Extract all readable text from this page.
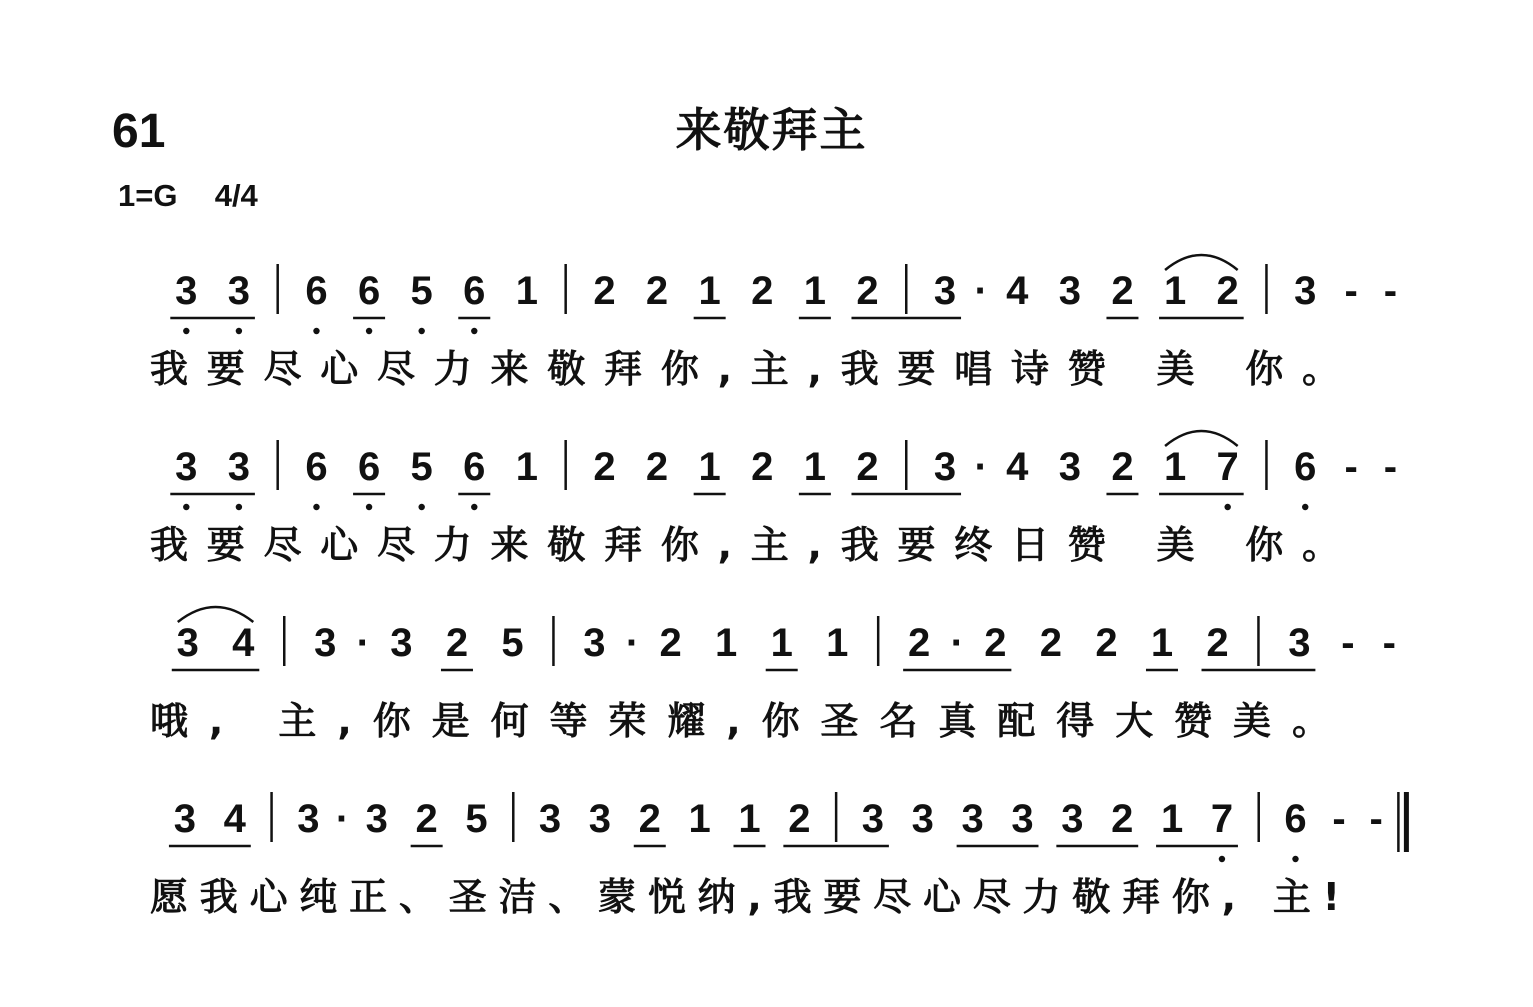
61	来敬拜主
1=G 4/4
3 3 6 6 5 6 1 2 2 1 2 1 2 3 · 4 3 2 1 2 3 - -
我要尽心尽力来敬拜你,主,我要唱诗赞 美 你。
3 3 6 6 5 6 1 2 2 1 2 1 2 3 · 4 3 2 1 7 6 - -
我要尽心尽力来敬拜你,主,我要终日赞 美 你。
3 4 3 · 3 2 5 3 · 2 1 1 1 2 · 2 2 2 1 2 3 - -
哦, 主,你是何等荣耀,你圣名真配得大赞美。
3 4 3 · 3 2 5 3 3 2 1 1 2 3 3 3 3 3 2 1 7 6 - -
愿我心纯正、圣洁、蒙悦纳,我要尽心尽力敬拜你, 主!
